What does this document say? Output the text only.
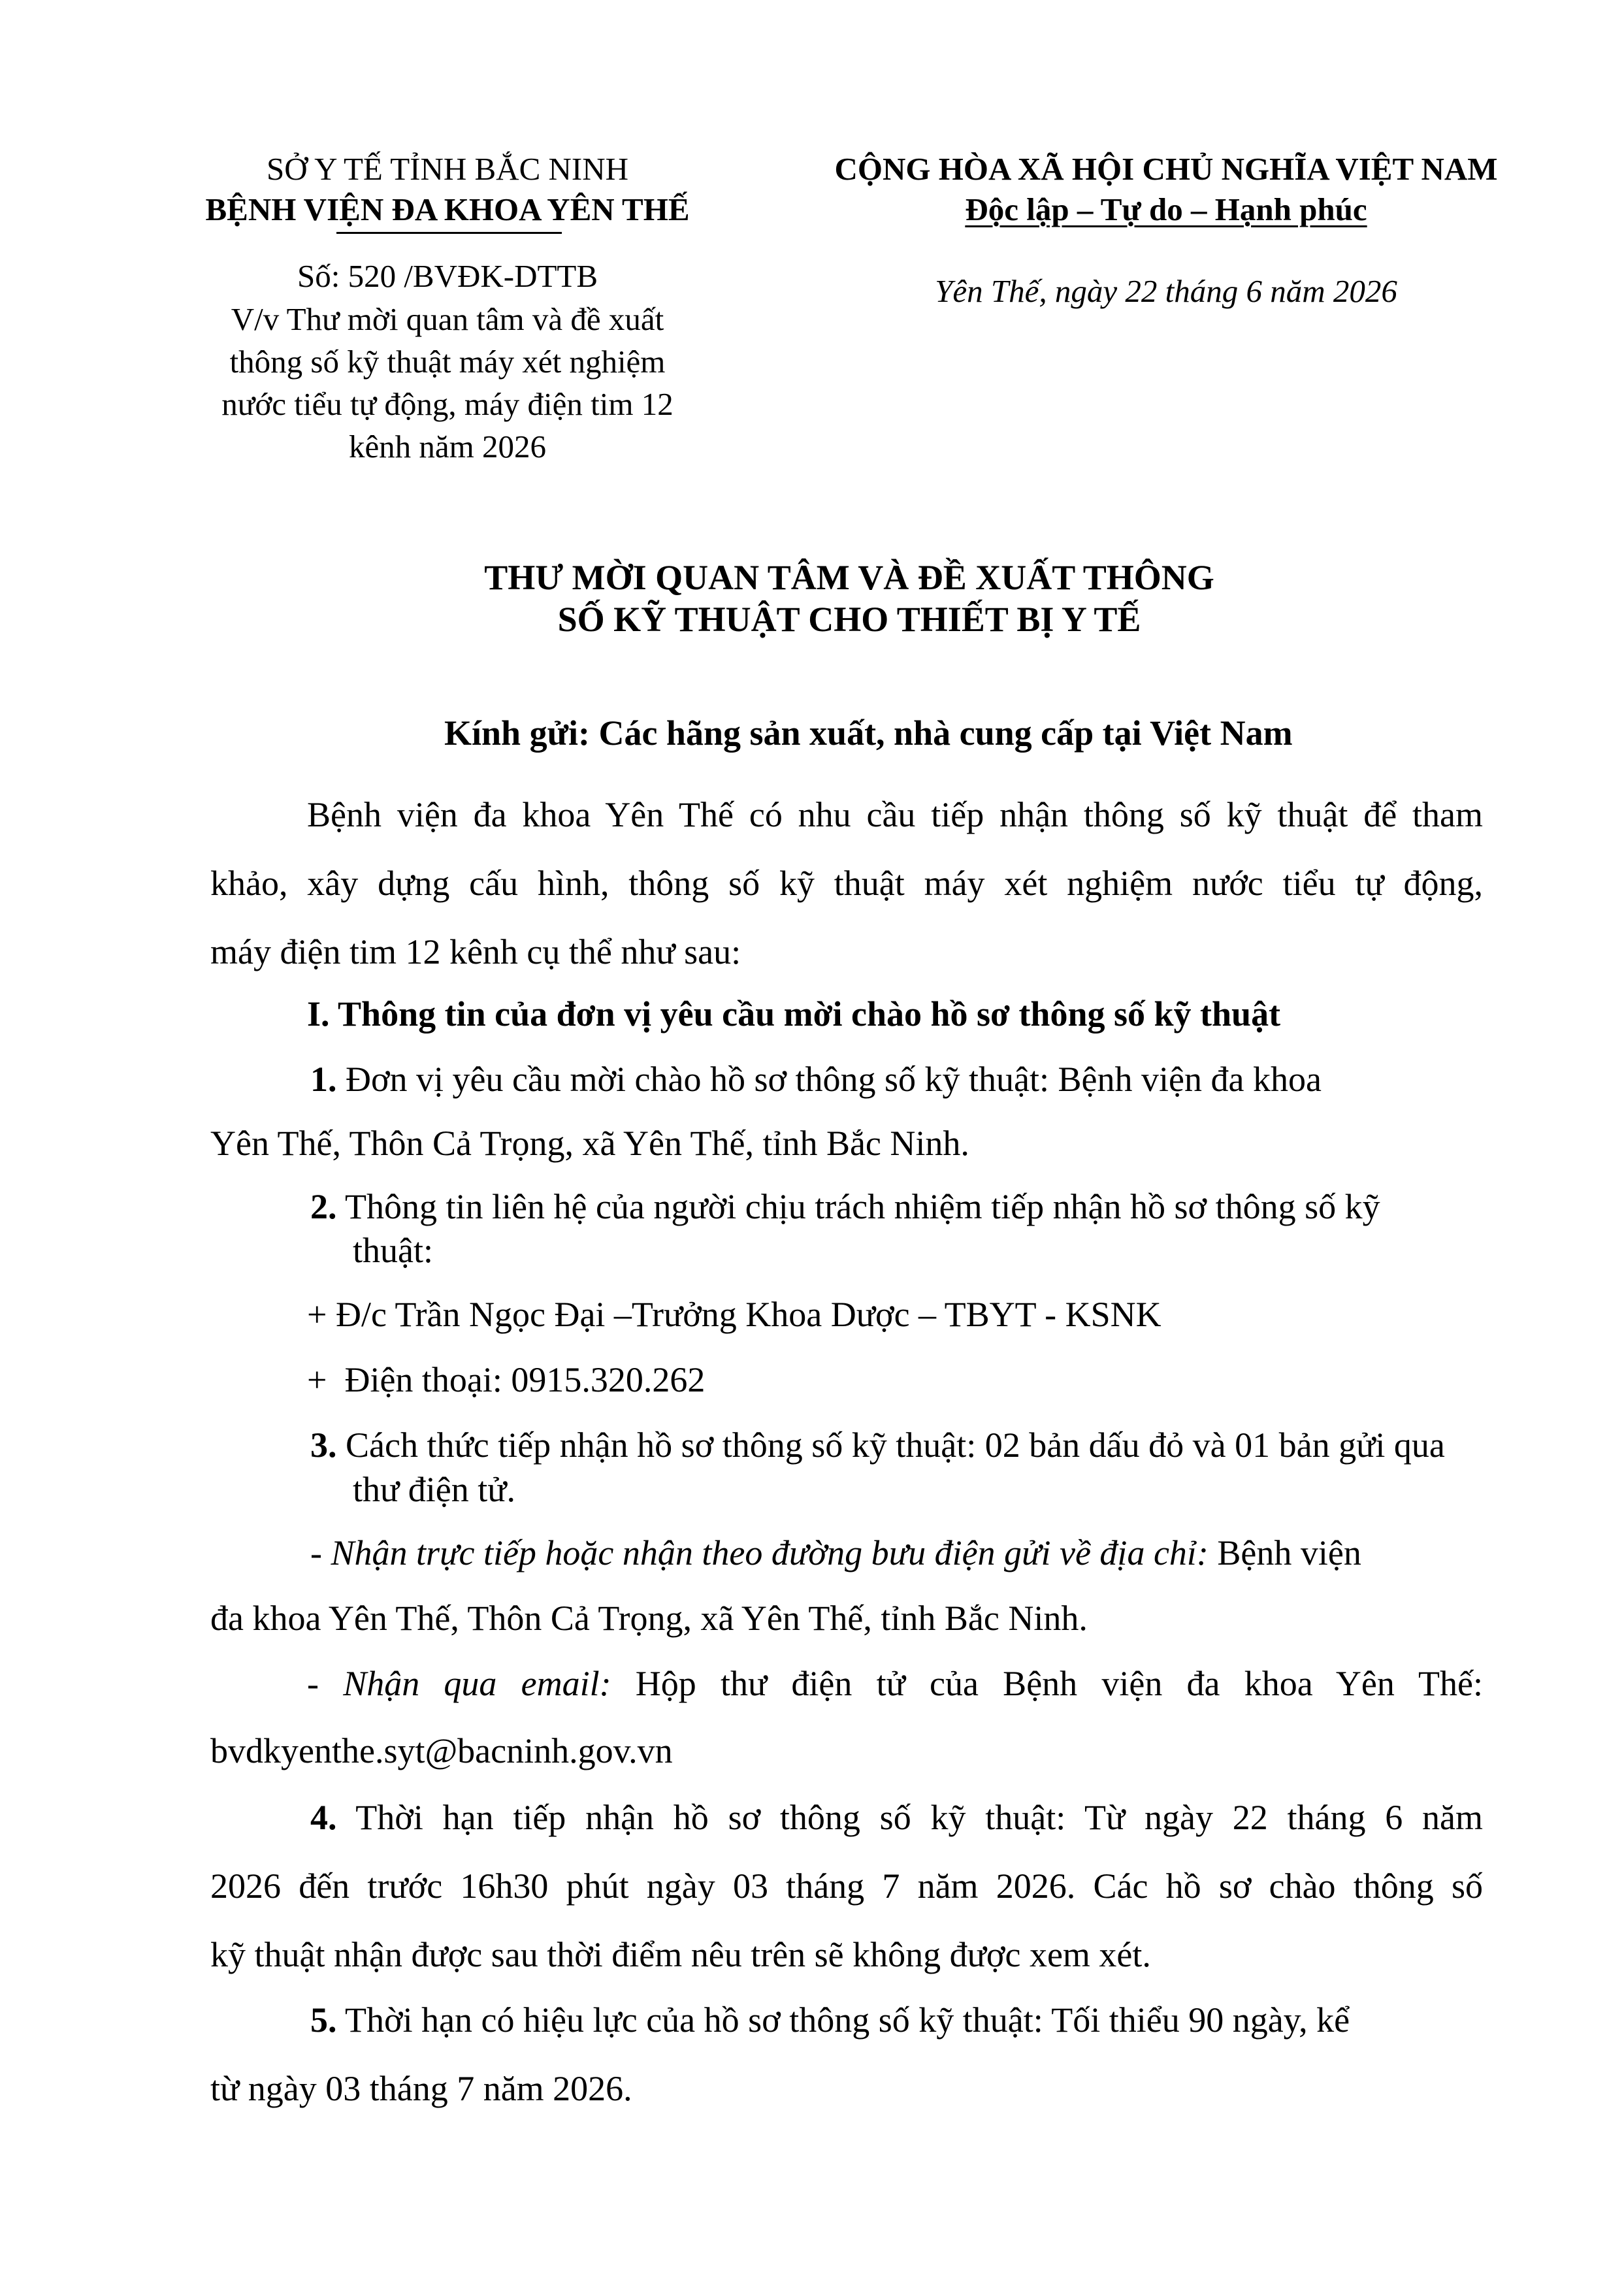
SỞ Y TẾ TỈNH BẮC NINH
BỆNH VIỆN ĐA KHOA YÊN THẾ
Số: 520 /BVĐK-DTTB
V/v Thư mời quan tâm và đề xuất
thông số kỹ thuật máy xét nghiệm
nước tiểu tự động, máy điện tim 12
kênh năm 2026
CỘNG HÒA XÃ HỘI CHỦ NGHĨA VIỆT NAM
Độc lập – Tự do – Hạnh phúc
Yên Thế, ngày 22 tháng 6 năm 2026
THƯ MỜI QUAN TÂM VÀ ĐỀ XUẤT THÔNG
SỐ KỸ THUẬT CHO THIẾT BỊ Y TẾ
Kính gửi: Các hãng sản xuất, nhà cung cấp tại Việt Nam
Bệnh viện đa khoa Yên Thế có nhu cầu tiếp nhận thông số kỹ thuật để tham
khảo, xây dựng cấu hình, thông số kỹ thuật máy xét nghiệm nước tiểu tự động,
máy điện tim 12 kênh cụ thể như sau:
I. Thông tin của đơn vị yêu cầu mời chào hồ sơ thông số kỹ thuật
1. Đơn vị yêu cầu mời chào hồ sơ thông số kỹ thuật: Bệnh viện đa khoa
Yên Thế, Thôn Cả Trọng, xã Yên Thế, tỉnh Bắc Ninh.
2. Thông tin liên hệ của người chịu trách nhiệm tiếp nhận hồ sơ thông số kỹ
thuật:
+ Đ/c Trần Ngọc Đại –Trưởng Khoa Dược – TBYT - KSNK
+  Điện thoại: 0915.320.262
3. Cách thức tiếp nhận hồ sơ thông số kỹ thuật: 02 bản dấu đỏ và 01 bản gửi qua
thư điện tử.
- Nhận trực tiếp hoặc nhận theo đường bưu điện gửi về địa chỉ: Bệnh viện
đa khoa Yên Thế, Thôn Cả Trọng, xã Yên Thế, tỉnh Bắc Ninh.
- Nhận qua email: Hộp thư điện tử của Bệnh viện đa khoa Yên Thế:
bvdkyenthe.syt@bacninh.gov.vn
4. Thời hạn tiếp nhận hồ sơ thông số kỹ thuật: Từ ngày 22 tháng 6 năm
2026 đến trước 16h30 phút ngày 03 tháng 7 năm 2026. Các hồ sơ chào thông số
kỹ thuật nhận được sau thời điểm nêu trên sẽ không được xem xét.
5. Thời hạn có hiệu lực của hồ sơ thông số kỹ thuật: Tối thiểu 90 ngày, kể
từ ngày 03 tháng 7 năm 2026.
